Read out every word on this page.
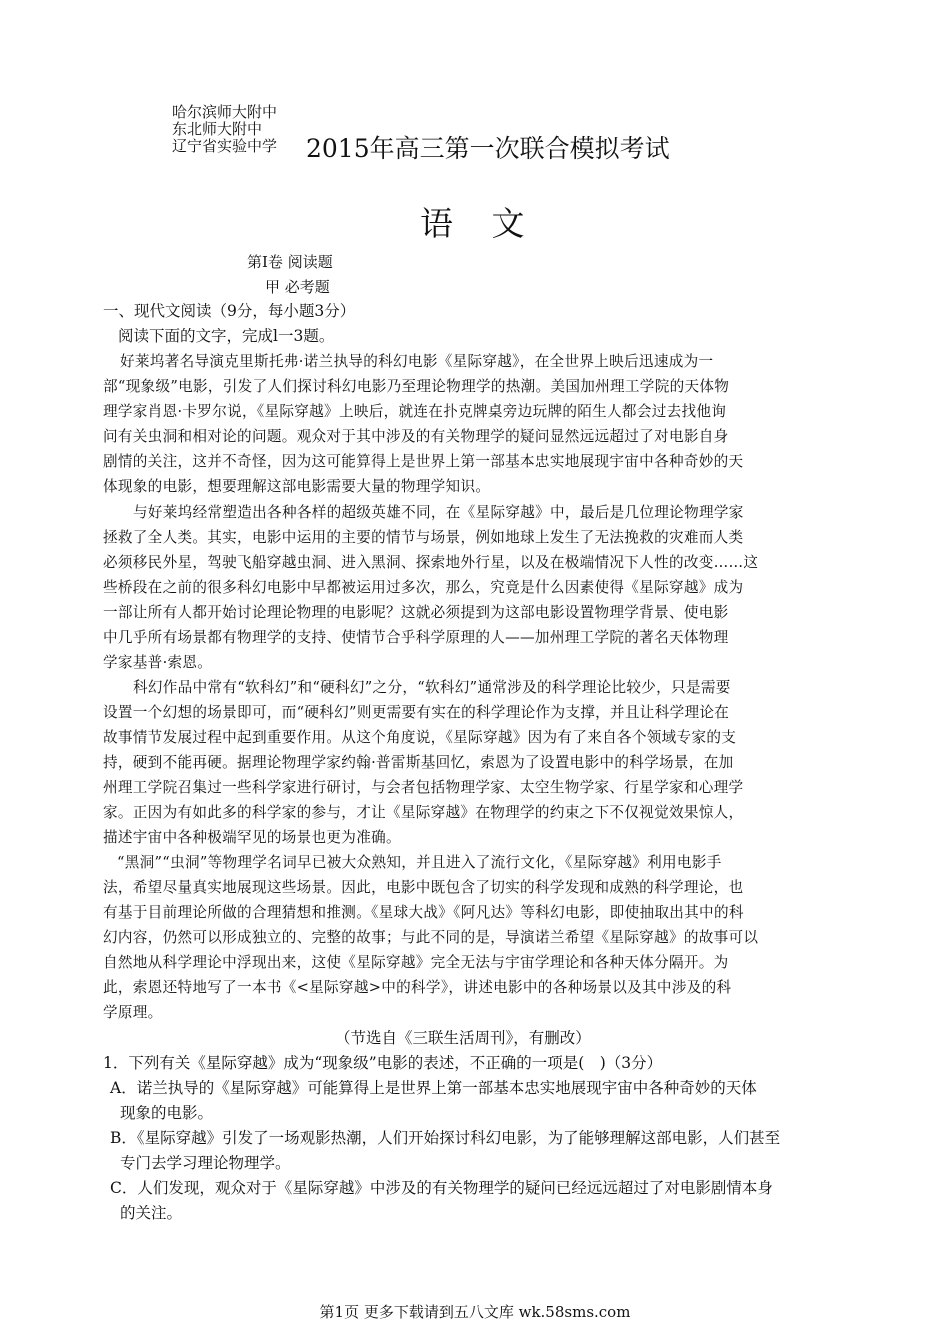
哈尔滨师大附中
东北师大附中
辽宁省实验中学 2015年高三第一次联合模拟考试
语 文
第Ⅰ卷 阅读题
甲 必考题
一、现代文阅读（9分，每小题3分）
阅读下面的文字，完成l一3题。
好莱坞著名导演克里斯托弗·诺兰执导的科幻电影《星际穿越》，在全世界上映后迅速成为一
部“现象级”电影，引发了人们探讨科幻电影乃至理论物理学的热潮。美国加州理工学院的天体物
理学家肖恩·卡罗尔说，《星际穿越》上映后，就连在扑克牌桌旁边玩牌的陌生人都会过去找他询
问有关虫洞和相对论的问题。观众对于其中涉及的有关物理学的疑问显然远远超过了对电影自身
剧情的关注，这并不奇怪，因为这可能算得上是世界上第一部基本忠实地展现宇宙中各种奇妙的天
体现象的电影，想要理解这部电影需要大量的物理学知识。
与好莱坞经常塑造出各种各样的超级英雄不同，在《星际穿越》中，最后是几位理论物理学家
拯救了全人类。其实，电影中运用的主要的情节与场景，例如地球上发生了无法挽救的灾难而人类
必须移民外星，驾驶飞船穿越虫洞、进入黑洞、探索地外行星，以及在极端情况下人性的改变……这
些桥段在之前的很多科幻电影中早都被运用过多次，那么，究竟是什么因素使得《星际穿越》成为
一部让所有人都开始讨论理论物理的电影呢？这就必须提到为这部电影设置物理学背景、使电影
中几乎所有场景都有物理学的支持、使情节合乎科学原理的人——加州理工学院的著名天体物理
学家基普·索恩。
科幻作品中常有“软科幻”和“硬科幻”之分，“软科幻”通常涉及的科学理论比较少，只是需要
设置一个幻想的场景即可，而“硬科幻”则更需要有实在的科学理论作为支撑，并且让科学理论在
故事情节发展过程中起到重要作用。从这个角度说，《星际穿越》因为有了来自各个领域专家的支
持，硬到不能再硬。据理论物理学家约翰·普雷斯基回忆，索恩为了设置电影中的科学场景，在加
州理工学院召集过一些科学家进行研讨，与会者包括物理学家、太空生物学家、行星学家和心理学
家。正因为有如此多的科学家的参与，才让《星际穿越》在物理学的约束之下不仅视觉效果惊人，
描述宇宙中各种极端罕见的场景也更为准确。
“黑洞”“虫洞”等物理学名词早已被大众熟知，并且进入了流行文化，《星际穿越》利用电影手
法，希望尽量真实地展现这些场景。因此，电影中既包含了切实的科学发现和成熟的科学理论，也
有基于目前理论所做的合理猜想和推测。《星球大战》《阿凡达》等科幻电影，即使抽取出其中的科
幻内容，仍然可以形成独立的、完整的故事；与此不同的是，导演诺兰希望《星际穿越》的故事可以
自然地从科学理论中浮现出来，这使《星际穿越》完全无法与宇宙学理论和各种天体分隔开。为
此，索恩还特地写了一本书《<星际穿越>中的科学》，讲述电影中的各种场景以及其中涉及的科
学原理。
（节选自《三联生活周刊》，有删改）
1．下列有关《星际穿越》成为“现象级”电影的表述，不正确的一项是(　)（3分）
A．诺兰执导的《星际穿越》可能算得上是世界上第一部基本忠实地展现宇宙中各种奇妙的天体
现象的电影。
B．《星际穿越》引发了一场观影热潮，人们开始探讨科幻电影，为了能够理解这部电影，人们甚至
专门去学习理论物理学。
C．人们发现，观众对于《星际穿越》中涉及的有关物理学的疑问已经远远超过了对电影剧情本身
的关注。
第1页 更多下载请到五八文库 wk.58sms.com
